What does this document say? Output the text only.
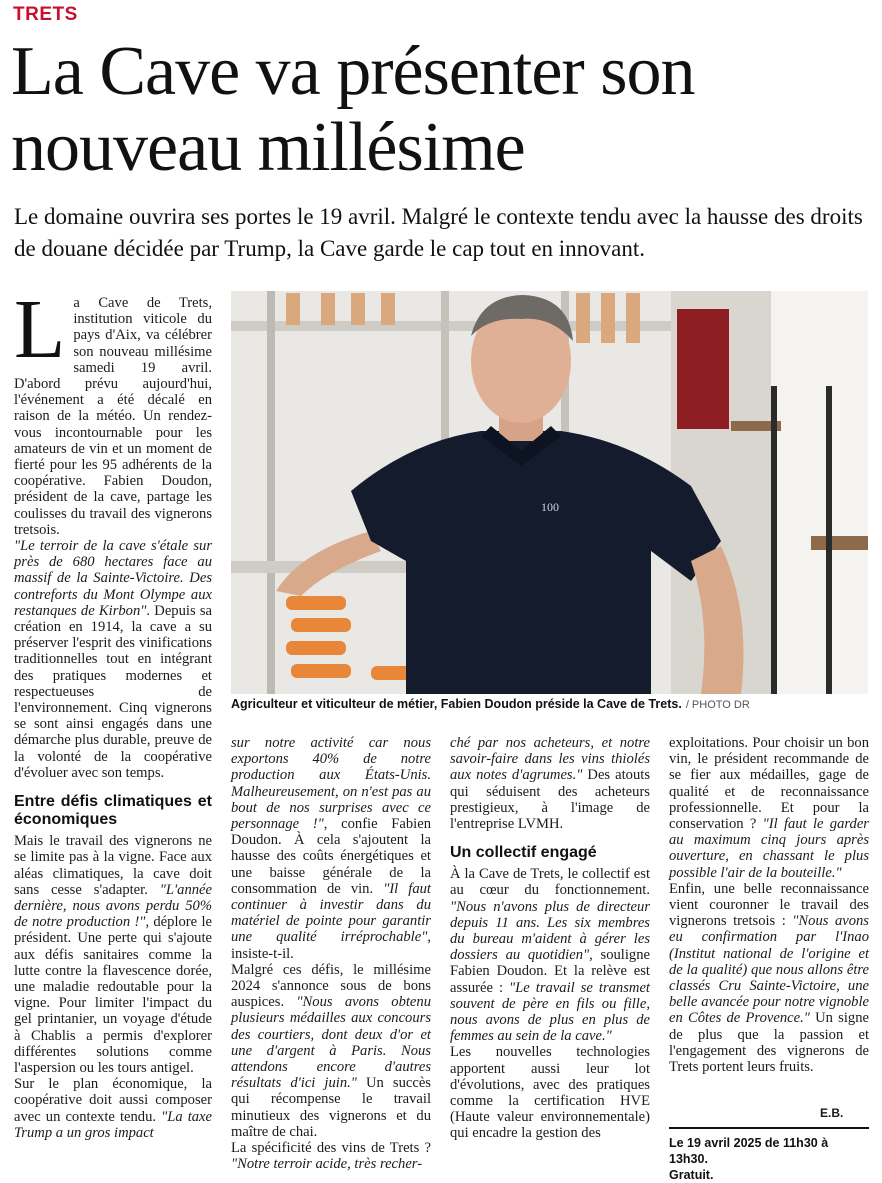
TRETS
La Cave va présenter son nouveau millésime
Le domaine ouvrira ses portes le 19 avril. Malgré le contexte tendu avec la hausse des droits de douane décidée par Trump, la Cave garde le cap tout en innovant.

La Cave de Trets, institution viticole du pays d'Aix, va célébrer son nouveau millésime samedi 19 avril. D'abord prévu aujourd'hui, l'événement a été décalé en raison de la météo. Un rendez-vous incontournable pour les amateurs de vin et un moment de fierté pour les 95 adhérents de la coopérative. Fabien Doudon, président de la cave, partage les coulisses du travail des vignerons tretsois.

"Le terroir de la cave s'étale sur près de 680 hectares face au massif de la Sainte-Victoire. Des contreforts du Mont Olympe aux restanques de Kirbon". Depuis sa création en 1914, la cave a su préserver l'esprit des vinifications traditionnelles tout en intégrant des pratiques modernes et respectueuses de l'environnement. Cinq vignerons se sont ainsi engagés dans une démarche plus durable, preuve de la volonté de la coopérative d'évoluer avec son temps.

Entre défis climatiques et économiques

Mais le travail des vignerons ne se limite pas à la vigne. Face aux aléas climatiques, la cave doit sans cesse s'adapter. "L'année dernière, nous avons perdu 50% de notre production !", déplore le président. Une perte qui s'ajoute aux défis sanitaires comme la lutte contre la flavescence dorée, une maladie redoutable pour la vigne. Pour limiter l'impact du gel printanier, un voyage d'étude à Chablis a permis d'explorer différentes solutions comme l'aspersion ou les tours antigel.

Sur le plan économique, la coopérative doit aussi composer avec un contexte tendu. "La taxe Trump a un gros impact

100
Agriculteur et viticulteur de métier, Fabien Doudon préside la Cave de Trets. / PHOTO DR

sur notre activité car nous exportons 40% de notre production aux États-Unis. Malheureusement, on n'est pas au bout de nos surprises avec ce personnage !", confie Fabien Doudon. À cela s'ajoutent la hausse des coûts énergétiques et une baisse générale de la consommation de vin. "Il faut continuer à investir dans du matériel de pointe pour garantir une qualité irréprochable", insiste-t-il.

Malgré ces défis, le millésime 2024 s'annonce sous de bons auspices. "Nous avons obtenu plusieurs médailles aux concours des courtiers, dont deux d'or et une d'argent à Paris. Nous attendons encore d'autres résultats d'ici juin." Un succès qui récompense le travail minutieux des vignerons et du maître de chai.

La spécificité des vins de Trets ? "Notre terroir acide, très recher-

ché par nos acheteurs, et notre savoir-faire dans les vins thiolés aux notes d'agrumes." Des atouts qui séduisent des acheteurs prestigieux, à l'image de l'entreprise LVMH.

Un collectif engagé

À la Cave de Trets, le collectif est au cœur du fonctionnement. "Nous n'avons plus de directeur depuis 11 ans. Les six membres du bureau m'aident à gérer les dossiers au quotidien", souligne Fabien Doudon. Et la relève est assurée : "Le travail se transmet souvent de père en fils ou fille, nous avons de plus en plus de femmes au sein de la cave."

Les nouvelles technologies apportent aussi leur lot d'évolutions, avec des pratiques comme la certification HVE (Haute valeur environnementale) qui encadre la gestion des

exploitations. Pour choisir un bon vin, le président recommande de se fier aux médailles, gage de qualité et de reconnaissance professionnelle. Et pour la conservation ? "Il faut le garder au maximum cinq jours après ouverture, en chassant le plus possible l'air de la bouteille."

Enfin, une belle reconnaissance vient couronner le travail des vignerons tretsois : "Nous avons eu confirmation par l'Inao (Institut national de l'origine et de la qualité) que nous allons être classés Cru Sainte-Victoire, une belle avancée pour notre vignoble en Côtes de Provence." Un signe de plus que la passion et l'engagement des vignerons de Trets portent leurs fruits.

E.B.
Le 19 avril 2025 de 11h30 à 13h30.
Gratuit.
